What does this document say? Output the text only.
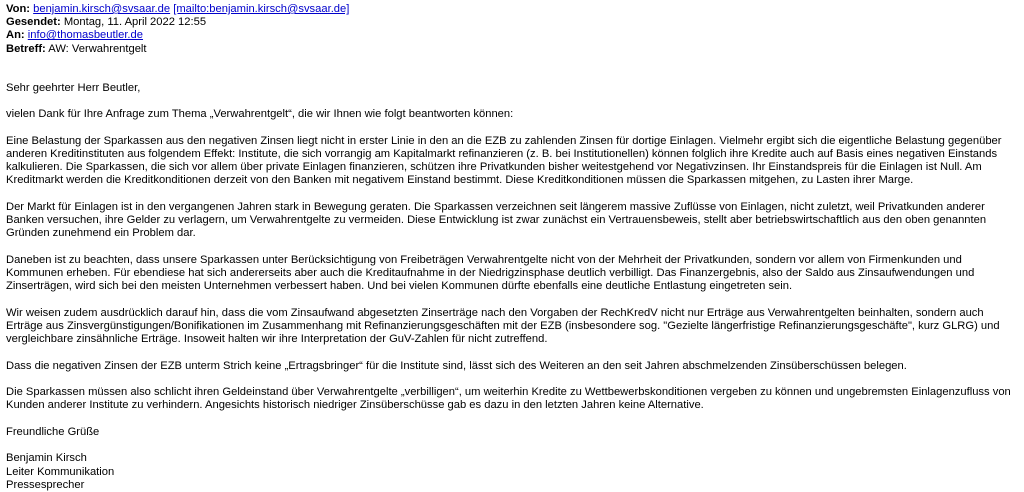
Von: benjamin.kirsch@svsaar.de [mailto:benjamin.kirsch@svsaar.de]
Gesendet: Montag, 11. April 2022 12:55
An: info@thomasbeutler.de
Betreff: AW: Verwahrentgelt

Sehr geehrter Herr Beutler,

vielen Dank für Ihre Anfrage zum Thema „Verwahrentgelt“, die wir Ihnen wie folgt beantworten können:

Eine Belastung der Sparkassen aus den negativen Zinsen liegt nicht in erster Linie in den an die EZB zu zahlenden Zinsen für dortige Einlagen. Vielmehr ergibt sich die eigentliche Belastung gegenüber anderen Kreditinstituten aus folgendem Effekt: Institute, die sich vorrangig am Kapitalmarkt refinanzieren (z. B. bei Institutionellen) können folglich ihre Kredite auch auf Basis eines negativen Einstands kalkulieren. Die Sparkassen, die sich vor allem über private Einlagen finanzieren, schützen ihre Privatkunden bisher weitestgehend vor Negativzinsen. Ihr Einstandspreis für die Einlagen ist Null. Am Kreditmarkt werden die Kreditkonditionen derzeit von den Banken mit negativem Einstand bestimmt. Diese Kreditkonditionen müssen die Sparkassen mitgehen, zu Lasten ihrer Marge.

Der Markt für Einlagen ist in den vergangenen Jahren stark in Bewegung geraten. Die Sparkassen verzeichnen seit längerem massive Zuflüsse von Einlagen, nicht zuletzt, weil Privatkunden anderer Banken versuchen, ihre Gelder zu verlagern, um Verwahrentgelte zu vermeiden. Diese Entwicklung ist zwar zunächst ein Vertrauensbeweis, stellt aber betriebswirtschaftlich aus den oben genannten Gründen zunehmend ein Problem dar.

Daneben ist zu beachten, dass unsere Sparkassen unter Berücksichtigung von Freibeträgen Verwahrentgelte nicht von der Mehrheit der Privatkunden, sondern vor allem von Firmenkunden und Kommunen erheben. Für ebendiese hat sich andererseits aber auch die Kreditaufnahme in der Niedrigzinsphase deutlich verbilligt. Das Finanzergebnis, also der Saldo aus Zinsaufwendungen und Zinserträgen, wird sich bei den meisten Unternehmen verbessert haben. Und bei vielen Kommunen dürfte ebenfalls eine deutliche Entlastung eingetreten sein.

Wir weisen zudem ausdrücklich darauf hin, dass die vom Zinsaufwand abgesetzten Zinserträge nach den Vorgaben der RechKredV nicht nur Erträge aus Verwahrentgelten beinhalten, sondern auch Erträge aus Zinsvergünstigungen/Bonifikationen im Zusammenhang mit Refinanzierungsgeschäften mit der EZB (insbesondere sog. "Gezielte längerfristige Refinanzierungsgeschäfte", kurz GLRG) und vergleichbare zinsähnliche Erträge. Insoweit halten wir ihre Interpretation der GuV-Zahlen für nicht zutreffend.

Dass die negativen Zinsen der EZB unterm Strich keine „Ertragsbringer“ für die Institute sind, lässt sich des Weiteren an den seit Jahren abschmelzenden Zinsüberschüssen belegen.

Die Sparkassen müssen also schlicht ihren Geldeinstand über Verwahrentgelte „verbilligen“, um weiterhin Kredite zu Wettbewerbskonditionen vergeben zu können und ungebremsten Einlagenzufluss von Kunden anderer Institute zu verhindern. Angesichts historisch niedriger Zinsüberschüsse gab es dazu in den letzten Jahren keine Alternative.

Freundliche Grüße

Benjamin Kirsch

Leiter Kommunikation

Pressesprecher
